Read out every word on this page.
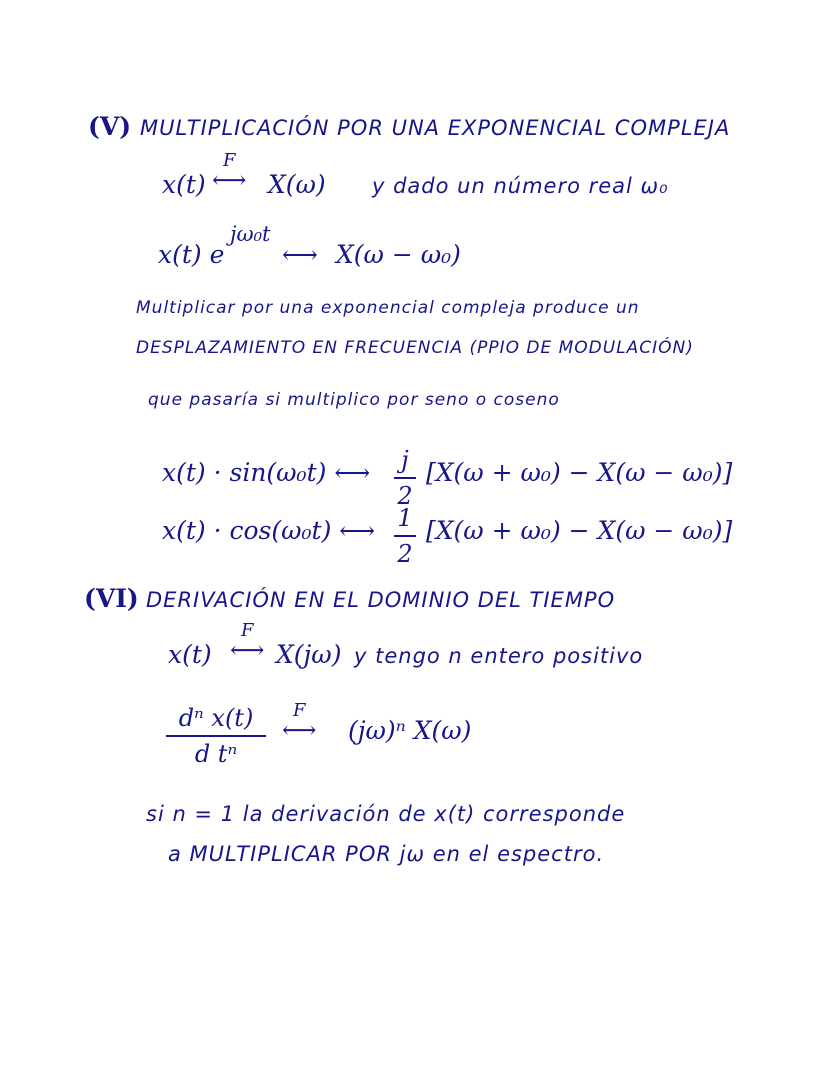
(V) MULTIPLICACIÓN POR UNA EXPONENCIAL COMPLEJA
x(t)
F
⟷ X(ω) y dado un número real ω₀
x(t) e
jω₀t
⟷ X(ω − ω₀)
Multiplicar por una exponencial compleja produce un
DESPLAZAMIENTO EN FRECUENCIA (PPIO DE MODULACIÓN)
que pasaría si multiplico por seno o coseno
x(t) · sin(ω₀t) ⟷	j
2
[X(ω + ω₀) − X(ω − ω₀)]
x(t) · cos(ω₀t) ⟷ 1
2
[X(ω + ω₀) − X(ω − ω₀)]
(VI) DERIVACIÓN EN EL DOMINIO DEL TIEMPO
x(t)
F
⟷ X(jω) y tengo n entero positivo
dⁿ x(t)
d tⁿ
F
⟷ (jω)ⁿ X(ω)
si n = 1 la derivación de x(t) corresponde
a MULTIPLICAR POR jω en el espectro.
